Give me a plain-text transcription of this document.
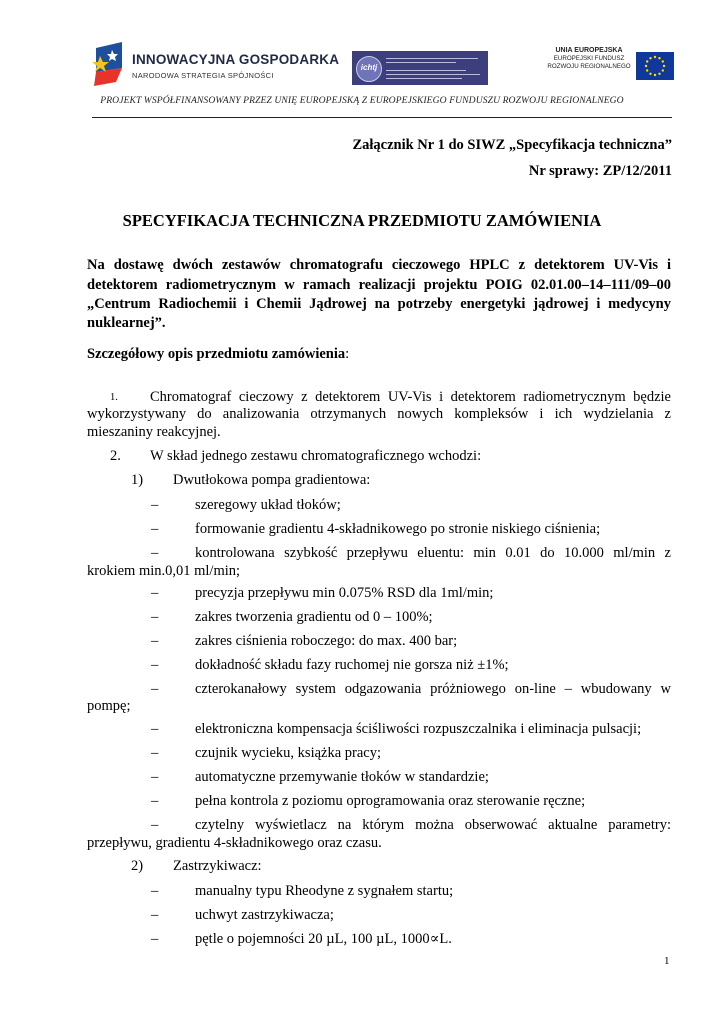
INNOWACYJNA GOSPODARKA
NARODOWA STRATEGIA SPÓJNOŚCI
ichtj
UNIA EUROPEJSKA
EUROPEJSKI FUNDUSZ
ROZWOJU REGIONALNEGO
PROJEKT WSPÓŁFINANSOWANY PRZEZ UNIĘ EUROPEJSKĄ Z EUROPEJSKIEGO FUNDUSZU ROZWOJU REGIONALNEGO
Załącznik Nr 1 do SIWZ „Specyfikacja techniczna”
Nr sprawy: ZP/12/2011
SPECYFIKACJA TECHNICZNA PRZEDMIOTU ZAMÓWIENIA
Na dostawę dwóch zestawów chromatografu cieczowego HPLC z detektorem UV-Vis i
detektorem radiometrycznym w ramach realizacji projektu POIG 02.01.00–14–111/09–00
„Centrum Radiochemii i Chemii Jądrowej na potrzeby energetyki jądrowej i medycyny
nuklearnej”.
Szczegółowy opis przedmiotu zamówienia:
1. Chromatograf cieczowy z detektorem UV-Vis i detektorem radiometrycznym będzie
wykorzystywany do analizowania otrzymanych nowych kompleksów i ich wydzielania z
mieszaniny reakcyjnej.
2. W skład jednego zestawu chromatograficznego wchodzi:
1) Dwutłokowa pompa gradientowa:
–	szeregowy układ tłoków;
–	formowanie gradientu 4-składnikowego po stronie niskiego ciśnienia;
–	kontrolowana szybkość przepływu eluentu: min 0.01 do 10.000 ml/min z
krokiem min.0,01 ml/min;
–	precyzja przepływu min 0.075% RSD dla 1ml/min;
–	zakres tworzenia gradientu od 0 – 100%;
–	zakres ciśnienia roboczego: do max. 400 bar;
–	dokładność składu fazy ruchomej nie gorsza niż ±1%;
–	czterokanałowy system odgazowania próżniowego on-line – wbudowany w
pompę;
–	elektroniczna kompensacja ściśliwości rozpuszczalnika i eliminacja pulsacji;
–	czujnik wycieku, książka pracy;
–	automatyczne przemywanie tłoków w standardzie;
–	pełna kontrola z poziomu oprogramowania oraz sterowanie ręczne;
–	czytelny wyświetlacz na którym można obserwować aktualne parametry:
przepływu, gradientu 4-składnikowego oraz czasu.
2) Zastrzykiwacz:
–	manualny typu Rheodyne z sygnałem startu;
–	uchwyt zastrzykiwacza;
–	pętle o pojemności 20 µL, 100 µL, 1000∝L.
1
